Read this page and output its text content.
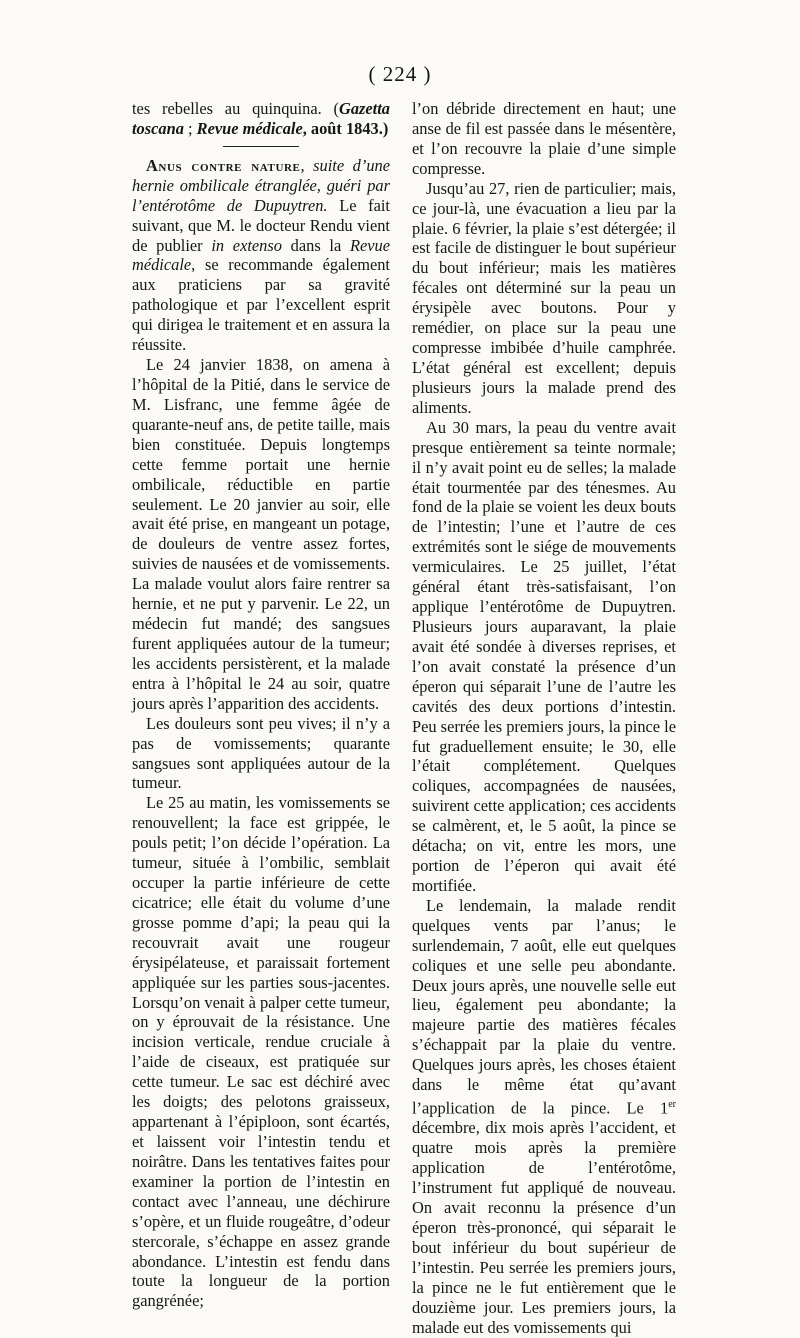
( 224 )

tes rebelles au quinquina. (Gazetta toscana ; Revue médicale, août 1843.)

Anus contre nature, suite d’une hernie ombilicale étranglée, guéri par l’entérotôme de Dupuytren. Le fait suivant, que M. le docteur Rendu vient de publier in extenso dans la Revue médicale, se recommande également aux praticiens par sa gravité pathologique et par l’excellent esprit qui dirigea le traitement et en assura la réussite.

Le 24 janvier 1838, on amena à l’hôpital de la Pitié, dans le service de M. Lisfranc, une femme âgée de quarante-neuf ans, de petite taille, mais bien constituée. Depuis longtemps cette femme portait une hernie ombilicale, réductible en partie seulement. Le 20 janvier au soir, elle avait été prise, en mangeant un potage, de douleurs de ventre assez fortes, suivies de nausées et de vomissements. La malade voulut alors faire rentrer sa hernie, et ne put y parvenir. Le 22, un médecin fut mandé; des sangsues furent appliquées autour de la tumeur; les accidents persistèrent, et la malade entra à l’hôpital le 24 au soir, quatre jours après l’apparition des accidents.

Les douleurs sont peu vives; il n’y a pas de vomissements; quarante sangsues sont appliquées autour de la tumeur.

Le 25 au matin, les vomissements se renouvellent; la face est grippée, le pouls petit; l’on décide l’opération. La tumeur, située à l’ombilic, semblait occuper la partie inférieure de cette cicatrice; elle était du volume d’une grosse pomme d’api; la peau qui la recouvrait avait une rougeur érysipélateuse, et paraissait fortement appliquée sur les parties sous-jacentes. Lorsqu’on venait à palper cette tumeur, on y éprouvait de la résistance. Une incision verticale, rendue cruciale à l’aide de ciseaux, est pratiquée sur cette tumeur. Le sac est déchiré avec les doigts; des pelotons graisseux, appartenant à l’épiploon, sont écartés, et laissent voir l’intestin tendu et noirâtre. Dans les tentatives faites pour examiner la portion de l’intestin en contact avec l’anneau, une déchirure s’opère, et un fluide rougeâtre, d’odeur stercorale, s’échappe en assez grande abondance. L’intestin est fendu dans toute la longueur de la portion gangrénée;

l’on débride directement en haut; une anse de fil est passée dans le mésentère, et l’on recouvre la plaie d’une simple compresse.

Jusqu’au 27, rien de particulier; mais, ce jour-là, une évacuation a lieu par la plaie. 6 février, la plaie s’est détergée; il est facile de distinguer le bout supérieur du bout inférieur; mais les matières fécales ont déterminé sur la peau un érysipèle avec boutons. Pour y remédier, on place sur la peau une compresse imbibée d’huile camphrée. L’état général est excellent; depuis plusieurs jours la malade prend des aliments.

Au 30 mars, la peau du ventre avait presque entièrement sa teinte normale; il n’y avait point eu de selles; la malade était tourmentée par des ténesmes. Au fond de la plaie se voient les deux bouts de l’intestin; l’une et l’autre de ces extrémités sont le siége de mouvements vermiculaires. Le 25 juillet, l’état général étant très-satisfaisant, l’on applique l’entérotôme de Dupuytren. Plusieurs jours auparavant, la plaie avait été sondée à diverses reprises, et l’on avait constaté la présence d’un éperon qui séparait l’une de l’autre les cavités des deux portions d’intestin. Peu serrée les premiers jours, la pince le fut graduellement ensuite; le 30, elle l’était complétement. Quelques coliques, accompagnées de nausées, suivirent cette application; ces accidents se calmèrent, et, le 5 août, la pince se détacha; on vit, entre les mors, une portion de l’éperon qui avait été mortifiée.

Le lendemain, la malade rendit quelques vents par l’anus; le surlendemain, 7 août, elle eut quelques coliques et une selle peu abondante. Deux jours après, une nouvelle selle eut lieu, également peu abondante; la majeure partie des matières fécales s’échappait par la plaie du ventre. Quelques jours après, les choses étaient dans le même état qu’avant l’application de la pince. Le 1er décembre, dix mois après l’accident, et quatre mois après la première application de l’entérotôme, l’instrument fut appliqué de nouveau. On avait reconnu la présence d’un éperon très-prononcé, qui séparait le bout inférieur du bout supérieur de l’intestin. Peu serrée les premiers jours, la pince ne le fut entièrement que le douzième jour. Les premiers jours, la malade eut des vomissements qui
